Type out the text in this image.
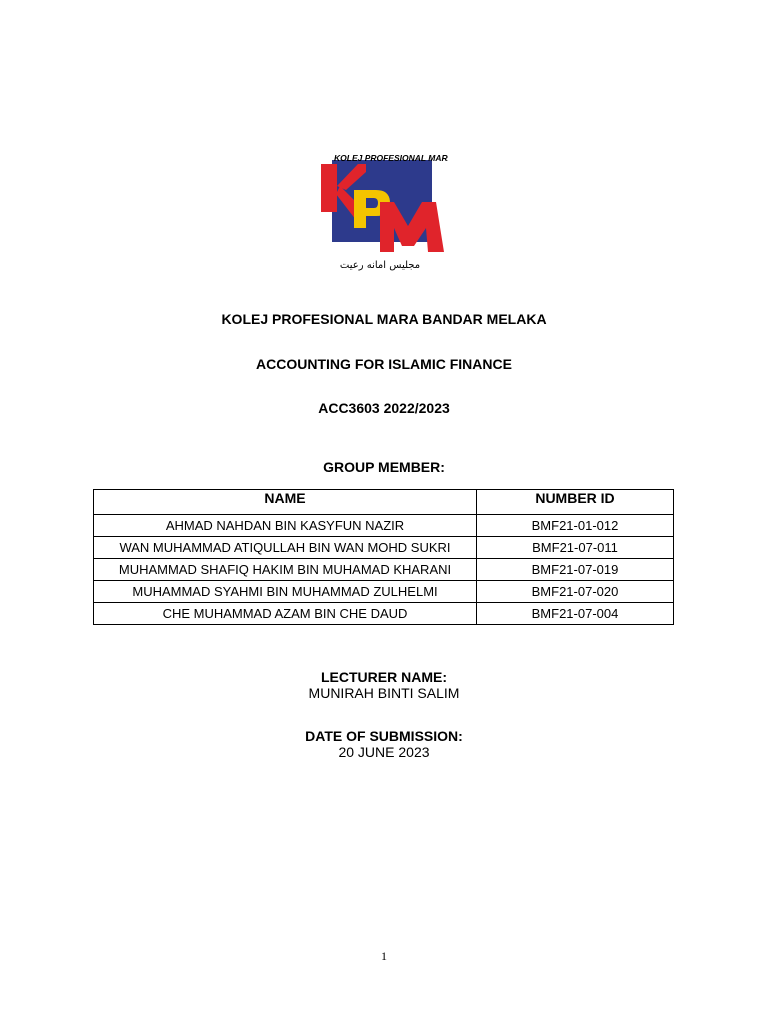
KOLEJ PROFESIONAL MARA
مجليس امانه رعيت
KOLEJ PROFESIONAL MARA BANDAR MELAKA
ACCOUNTING FOR ISLAMIC FINANCE
ACC3603 2022/2023
GROUP MEMBER:
NAME	NUMBER ID
AHMAD NAHDAN BIN KASYFUN NAZIR	BMF21-01-012
WAN MUHAMMAD ATIQULLAH BIN WAN MOHD SUKRI	BMF21-07-011
MUHAMMAD SHAFIQ HAKIM BIN MUHAMAD KHARANI	BMF21-07-019
MUHAMMAD SYAHMI BIN MUHAMMAD ZULHELMI	BMF21-07-020
CHE MUHAMMAD AZAM BIN CHE DAUD	BMF21-07-004
LECTURER NAME:
MUNIRAH BINTI SALIM
DATE OF SUBMISSION:
20 JUNE 2023
1
